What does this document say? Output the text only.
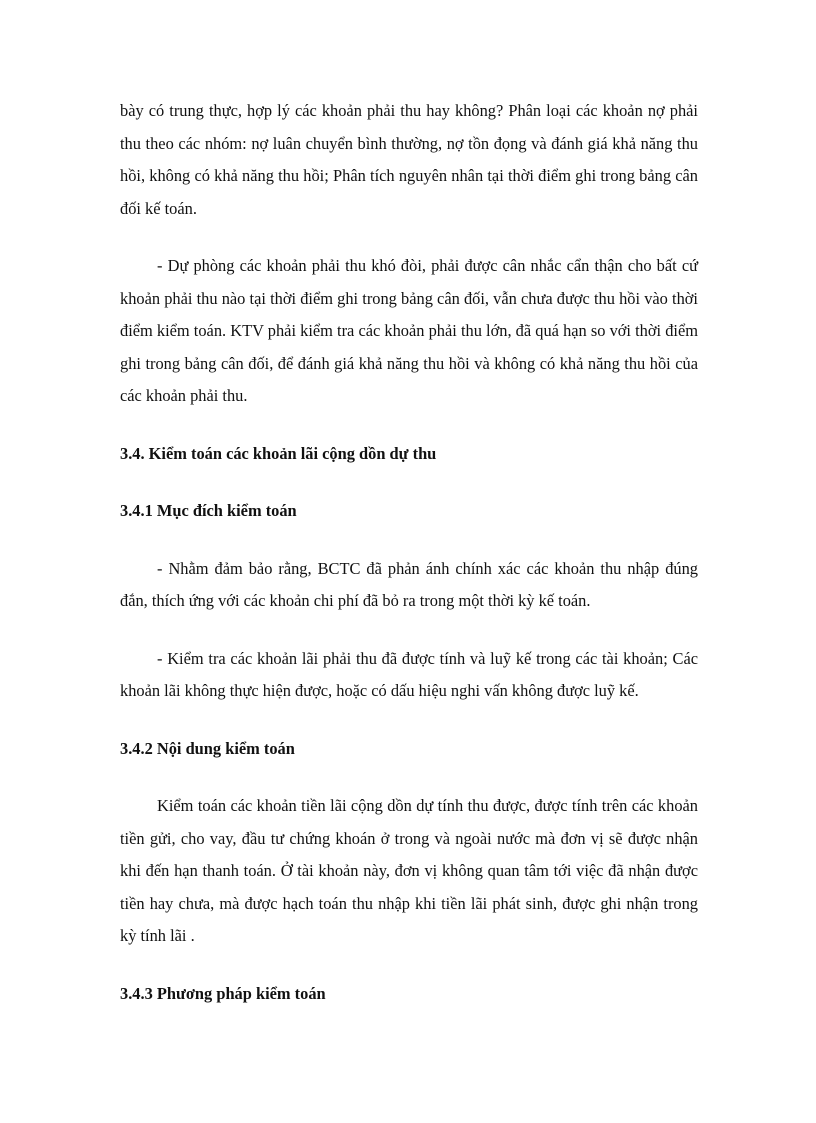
bày có trung thực, hợp lý các khoản phải thu hay không? Phân loại các khoản nợ phải thu theo các nhóm: nợ luân chuyển bình thường, nợ tồn đọng và đánh giá khả năng thu hồi, không có khả năng thu hồi; Phân tích nguyên nhân tại thời điểm ghi trong bảng cân đối kế toán.

- Dự phòng các khoản phải thu khó đòi, phải được cân nhắc cẩn thận cho bất cứ khoản phải thu nào tại thời điểm ghi trong bảng cân đối, vẫn chưa được thu hồi vào thời điểm kiểm toán. KTV phải kiểm tra các khoản phải thu lớn, đã quá hạn so với thời điểm ghi trong bảng cân đối, để đánh giá khả năng thu hồi và không có khả năng thu hồi của các khoản phải thu.

3.4. Kiểm toán các khoản lãi cộng dồn dự thu
3.4.1 Mục đích kiểm toán

- Nhằm đảm bảo rằng, BCTC đã phản ánh chính xác các khoản thu nhập đúng đắn, thích ứng với các khoản chi phí đã bỏ ra trong một thời kỳ kế toán.

- Kiểm tra các khoản lãi phải thu đã được tính và luỹ kế trong các tài khoản; Các khoản lãi không thực hiện được, hoặc có dấu hiệu nghi vấn không được luỹ kế.

3.4.2 Nội dung kiểm toán

Kiểm toán các khoản tiền lãi cộng dồn dự tính thu được, được tính trên các khoản tiền gửi, cho vay, đầu tư chứng khoán ở trong và ngoài nước mà đơn vị sẽ được nhận khi đến hạn thanh toán. Ở tài khoản này, đơn vị không quan tâm tới việc đã nhận được tiền hay chưa, mà được hạch toán thu nhập khi tiền lãi phát sinh, được ghi nhận trong kỳ tính lãi .

3.4.3 Phương pháp kiểm toán
